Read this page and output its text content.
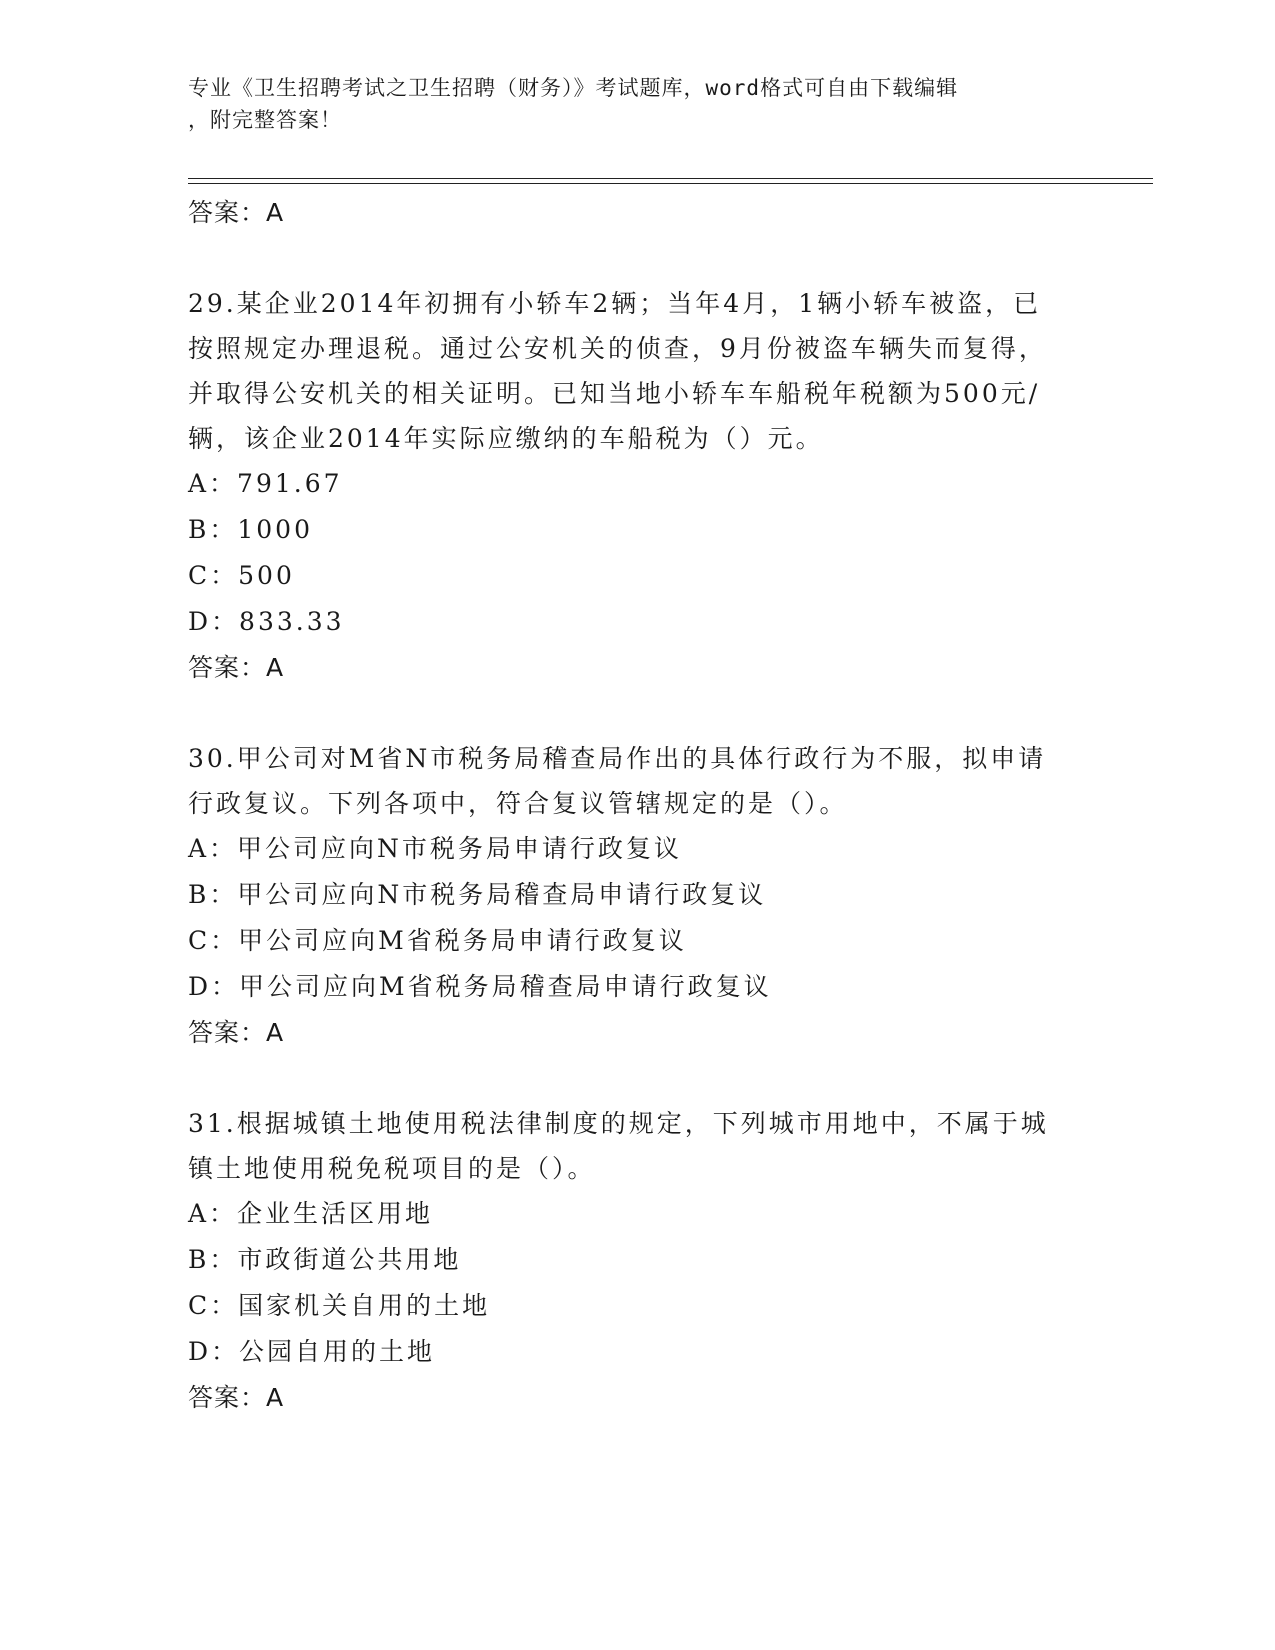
专业《卫生招聘考试之卫生招聘（财务）》考试题库，word格式可自由下载编辑
，附完整答案！
答案：A
29.某企业2014年初拥有小轿车2辆；当年4月，1辆小轿车被盗，已
按照规定办理退税。通过公安机关的侦查，9月份被盗车辆失而复得，
并取得公安机关的相关证明。已知当地小轿车车船税年税额为500元/
辆，该企业2014年实际应缴纳的车船税为（）元。
A：791.67
B：1000
C：500
D：833.33
答案：A
30.甲公司对M省N市税务局稽查局作出的具体行政行为不服，拟申请
行政复议。下列各项中，符合复议管辖规定的是（）。
A：甲公司应向N市税务局申请行政复议
B：甲公司应向N市税务局稽查局申请行政复议
C：甲公司应向M省税务局申请行政复议
D：甲公司应向M省税务局稽查局申请行政复议
答案：A
31.根据城镇土地使用税法律制度的规定，下列城市用地中，不属于城
镇土地使用税免税项目的是（）。
A：企业生活区用地
B：市政街道公共用地
C：国家机关自用的土地
D：公园自用的土地
答案：A
